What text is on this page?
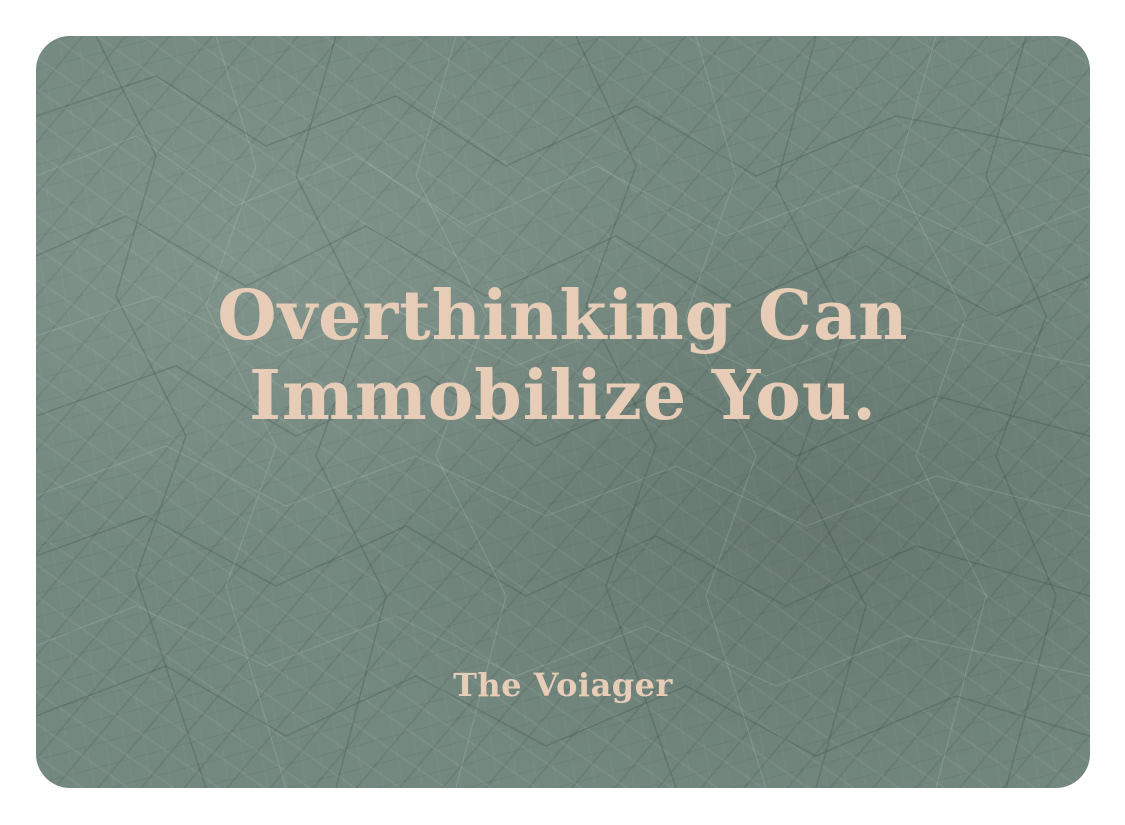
Overthinking Can
Immobilize You.
The Voiager
